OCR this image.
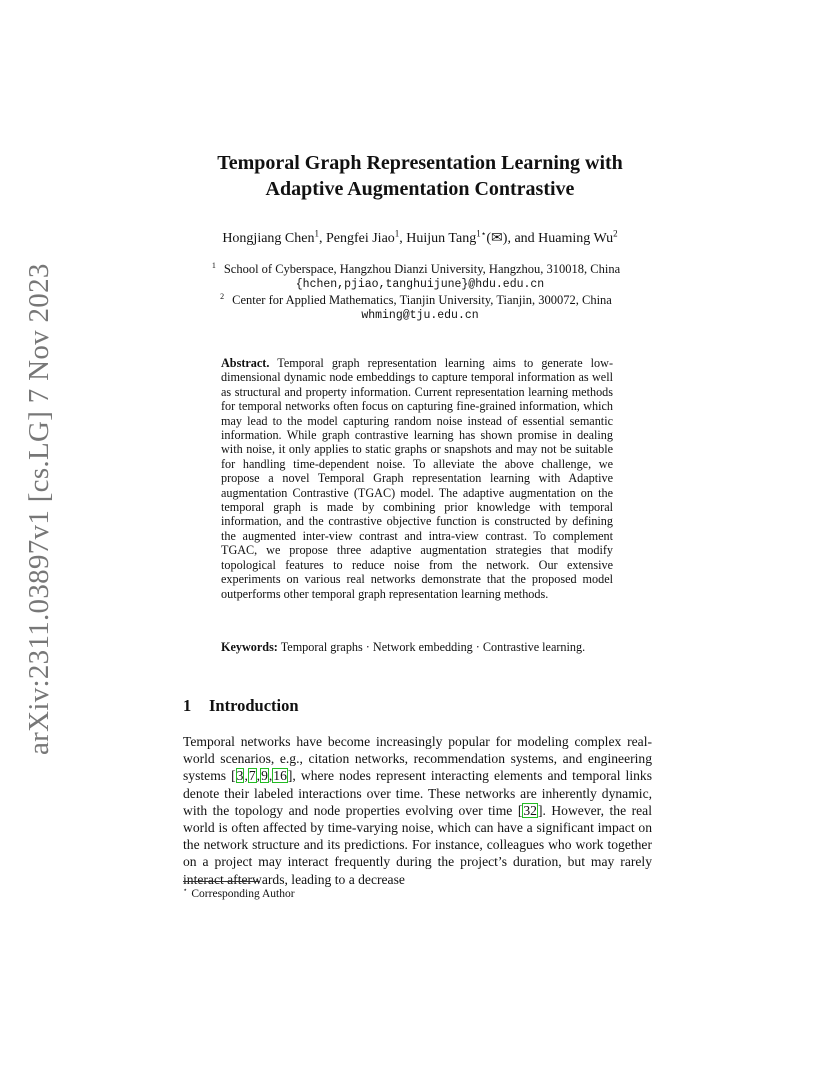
arXiv:2311.03897v1 [cs.LG] 7 Nov 2023
Temporal Graph Representation Learning with
Adaptive Augmentation Contrastive
Hongjiang Chen$^1$, Pengfei Jiao$^1$, Huijun Tang$^{1⋆}$(✉), and Huaming Wu$^2$
$^1$ School of Cyberspace, Hangzhou Dianzi University, Hangzhou, 310018, China
{hchen,pjiao,tanghuijune}@hdu.edu.cn
$^2$ Center for Applied Mathematics, Tianjin University, Tianjin, 300072, China
whming@tju.edu.cn
Abstract. Temporal graph representation learning aims to generate low-dimensional dynamic node embeddings to capture temporal information as well as structural and property information. Current representation learning methods for temporal networks often focus on capturing fine-grained information, which may lead to the model capturing random noise instead of essential semantic information. While graph contrastive learning has shown promise in dealing with noise, it only applies to static graphs or snapshots and may not be suitable for handling time-dependent noise. To alleviate the above challenge, we propose a novel Temporal Graph representation learning with Adaptive augmentation Contrastive (TGAC) model. The adaptive augmentation on the temporal graph is made by combining prior knowledge with temporal information, and the contrastive objective function is constructed by defining the augmented inter-view contrast and intra-view contrast. To complement TGAC, we propose three adaptive augmentation strategies that modify topological features to reduce noise from the network. Our extensive experiments on various real networks demonstrate that the proposed model outperforms other temporal graph representation learning methods.
Keywords: Temporal graphs · Network embedding · Contrastive learning.
1 Introduction
Temporal networks have become increasingly popular for modeling complex real-world scenarios, e.g., citation networks, recommendation systems, and engineering systems [3,7,9,16], where nodes represent interacting elements and temporal links denote their labeled interactions over time. These networks are inherently dynamic, with the topology and node properties evolving over time [32]. However, the real world is often affected by time-varying noise, which can have a significant impact on the network structure and its predictions. For instance, colleagues who work together on a project may interact frequently during the project’s duration, but may rarely interact afterwards, leading to a decrease
⋆ Corresponding Author
